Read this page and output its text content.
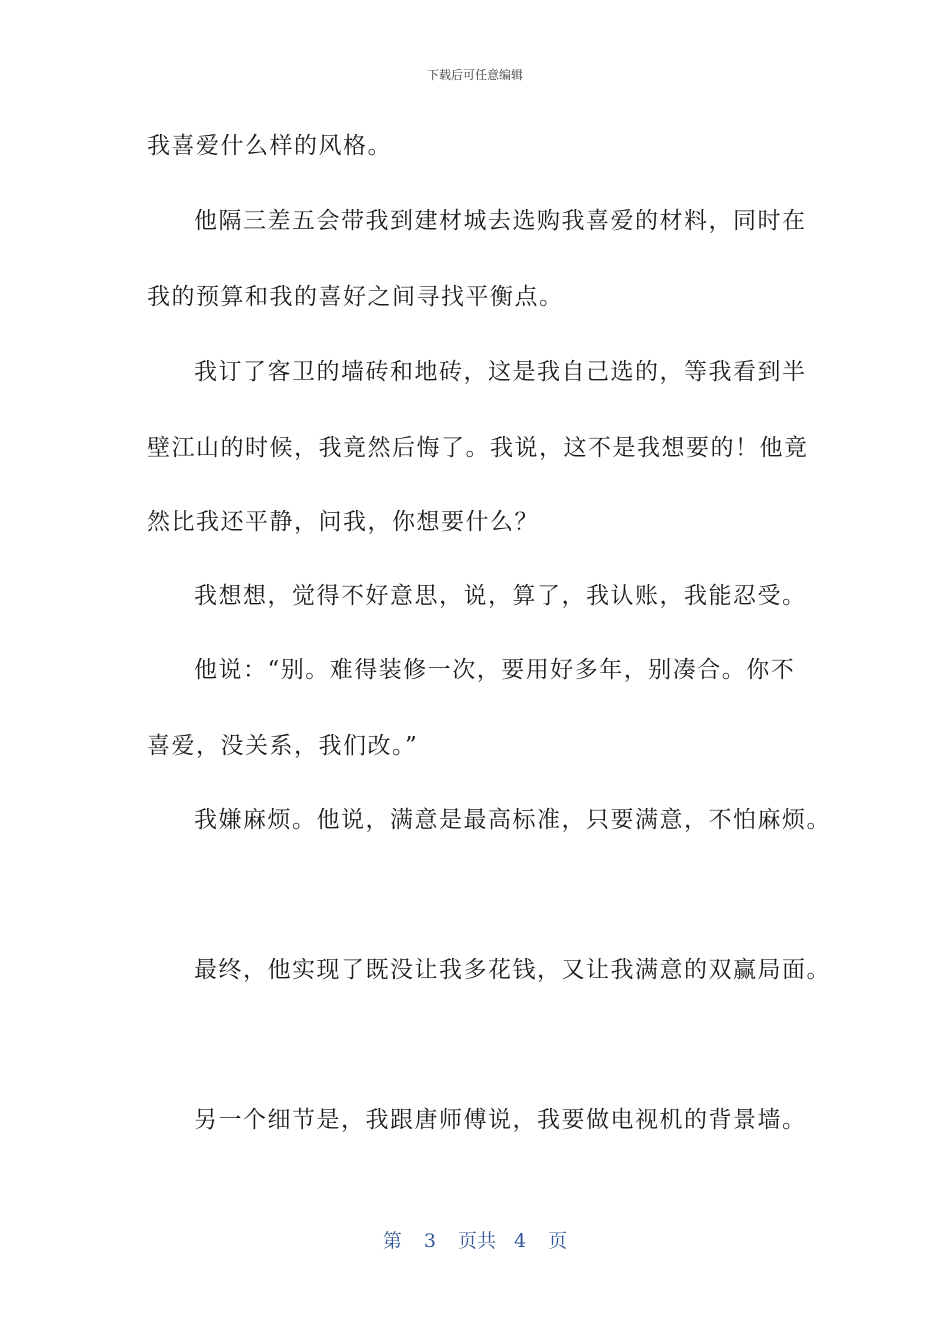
下载后可任意编辑
我喜爱什么样的风格。
他隔三差五会带我到建材城去选购我喜爱的材料，同时在
我的预算和我的喜好之间寻找平衡点。
我订了客卫的墙砖和地砖，这是我自己选的，等我看到半
壁江山的时候，我竟然后悔了。我说，这不是我想要的！他竟
然比我还平静，问我，你想要什么？
我想想，觉得不好意思，说，算了，我认账，我能忍受。
他说：“别。难得装修一次，要用好多年，别凑合。你不
喜爱，没关系，我们改。”
我嫌麻烦。他说，满意是最高标准，只要满意，不怕麻烦。
最终，他实现了既没让我多花钱，又让我满意的双赢局面。
另一个细节是，我跟唐师傅说，我要做电视机的背景墙。
第 3 页共 4 页
